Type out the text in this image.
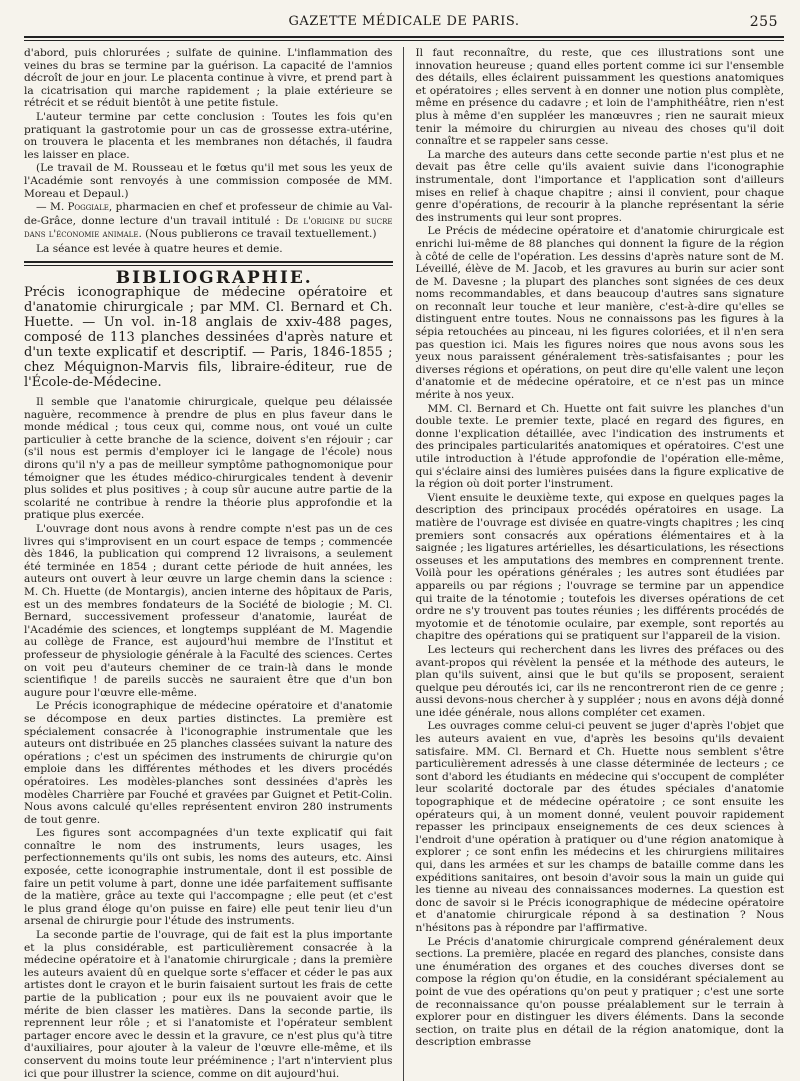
GAZETTE MÉDICALE DE PARIS.	255

d'abord, puis chlorurées ; sulfate de quinine. L'inflammation des veines du bras se termine par la guérison. La capacité de l'amnios décroît de jour en jour. Le placenta continue à vivre, et prend part à la cicatrisation qui marche rapidement ; la plaie extérieure se rétrécit et se réduit bientôt à une petite fistule.

L'auteur termine par cette conclusion : Toutes les fois qu'en pratiquant la gastrotomie pour un cas de grossesse extra-utérine, on trouvera le placenta et les membranes non détachés, il faudra les laisser en place.

(Le travail de M. Rousseau et le fœtus qu'il met sous les yeux de l'Académie sont renvoyés à une commission composée de MM. Moreau et Depaul.)

— M. Poggiale, pharmacien en chef et professeur de chimie au Val-de-Grâce, donne lecture d'un travail intitulé : De l'origine du sucre dans l'économie animale. (Nous publierons ce travail textuellement.)

La séance est levée à quatre heures et demie.

BIBLIOGRAPHIE.

Précis iconographique de médecine opératoire et d'anatomie chirurgicale ; par MM. Cl. Bernard et Ch. Huette. — Un vol. in-18 anglais de xxiv-488 pages, composé de 113 planches dessinées d'après nature et d'un texte explicatif et descriptif. — Paris, 1846-1855 ; chez Méquignon-Marvis fils, libraire-éditeur, rue de l'École-de-Médecine.

Il semble que l'anatomie chirurgicale, quelque peu délaissée naguère, recommence à prendre de plus en plus faveur dans le monde médical ; tous ceux qui, comme nous, ont voué un culte particulier à cette branche de la science, doivent s'en réjouir ; car (s'il nous est permis d'employer ici le langage de l'école) nous dirons qu'il n'y a pas de meilleur symptôme pathognomonique pour témoigner que les études médico-chirurgicales tendent à devenir plus solides et plus positives ; à coup sûr aucune autre partie de la scolarité ne contribue à rendre la théorie plus approfondie et la pratique plus exercée.

L'ouvrage dont nous avons à rendre compte n'est pas un de ces livres qui s'improvisent en un court espace de temps ; commencée dès 1846, la publication qui comprend 12 livraisons, a seulement été terminée en 1854 ; durant cette période de huit années, les auteurs ont ouvert à leur œuvre un large chemin dans la science : M. Ch. Huette (de Montargis), ancien interne des hôpitaux de Paris, est un des membres fondateurs de la Société de biologie ; M. Cl. Bernard, successivement professeur d'anatomie, lauréat de l'Académie des sciences, et longtemps suppléant de M. Magendie au collège de France, est aujourd'hui membre de l'Institut et professeur de physiologie générale à la Faculté des sciences. Certes on voit peu d'auteurs cheminer de ce train-là dans le monde scientifique ! de pareils succès ne sauraient être que d'un bon augure pour l'œuvre elle-même.

Le Précis iconographique de médecine opératoire et d'anatomie se décompose en deux parties distinctes. La première est spécialement consacrée à l'iconographie instrumentale que les auteurs ont distribuée en 25 planches classées suivant la nature des opérations ; c'est un spécimen des instruments de chirurgie qu'on emploie dans les différentes méthodes et les divers procédés opératoires. Les modèles-planches sont dessinées d'après les modèles Charrière par Fouché et gravées par Guignet et Petit-Colin. Nous avons calculé qu'elles représentent environ 280 instruments de tout genre.

Les figures sont accompagnées d'un texte explicatif qui fait connaître le nom des instruments, leurs usages, les perfectionnements qu'ils ont subis, les noms des auteurs, etc. Ainsi exposée, cette iconographie instrumentale, dont il est possible de faire un petit volume à part, donne une idée parfaitement suffisante de la matière, grâce au texte qui l'accompagne ; elle peut (et c'est le plus grand éloge qu'on puisse en faire) elle peut tenir lieu d'un arsenal de chirurgie pour l'étude des instruments.

La seconde partie de l'ouvrage, qui de fait est la plus importante et la plus considérable, est particulièrement consacrée à la médecine opératoire et à l'anatomie chirurgicale ; dans la première les auteurs avaient dû en quelque sorte s'effacer et céder le pas aux artistes dont le crayon et le burin faisaient surtout les frais de cette partie de la publication ; pour eux ils ne pouvaient avoir que le mérite de bien classer les matières. Dans la seconde partie, ils reprennent leur rôle ; et si l'anatomiste et l'opérateur semblent partager encore avec le dessin et la gravure, ce n'est plus qu'à titre d'auxiliaires, pour ajouter à la valeur de l'œuvre elle-même, et ils conservent du moins toute leur prééminence ; l'art n'intervient plus ici que pour illustrer la science, comme on dit aujourd'hui.

Il faut reconnaître, du reste, que ces illustrations sont une innovation heureuse ; quand elles portent comme ici sur l'ensemble des détails, elles éclairent puissamment les questions anatomiques et opératoires ; elles servent à en donner une notion plus complète, même en présence du cadavre ; et loin de l'amphithéâtre, rien n'est plus à même d'en suppléer les manœuvres ; rien ne saurait mieux tenir la mémoire du chirurgien au niveau des choses qu'il doit connaître et se rappeler sans cesse.

La marche des auteurs dans cette seconde partie n'est plus et ne devait pas être celle qu'ils avaient suivie dans l'iconographie instrumentale, dont l'importance et l'application sont d'ailleurs mises en relief à chaque chapitre ; ainsi il convient, pour chaque genre d'opérations, de recourir à la planche représentant la série des instruments qui leur sont propres.

Le Précis de médecine opératoire et d'anatomie chirurgicale est enrichi lui-même de 88 planches qui donnent la figure de la région à côté de celle de l'opération. Les dessins d'après nature sont de M. Léveillé, élève de M. Jacob, et les gravures au burin sur acier sont de M. Davesne ; la plupart des planches sont signées de ces deux noms recommandables, et dans beaucoup d'autres sans signature on reconnaît leur touche et leur manière, c'est-à-dire qu'elles se distinguent entre toutes. Nous ne connaissons pas les figures à la sépia retouchées au pinceau, ni les figures coloriées, et il n'en sera pas question ici. Mais les figures noires que nous avons sous les yeux nous paraissent généralement très-satisfaisantes ; pour les diverses régions et opérations, on peut dire qu'elle valent une leçon d'anatomie et de médecine opératoire, et ce n'est pas un mince mérite à nos yeux.

MM. Cl. Bernard et Ch. Huette ont fait suivre les planches d'un double texte. Le premier texte, placé en regard des figures, en donne l'explication détaillée, avec l'indication des instruments et des principales particularités anatomiques et opératoires. C'est une utile introduction à l'étude approfondie de l'opération elle-même, qui s'éclaire ainsi des lumières puisées dans la figure explicative de la région où doit porter l'instrument.

Vient ensuite le deuxième texte, qui expose en quelques pages la description des principaux procédés opératoires en usage. La matière de l'ouvrage est divisée en quatre-vingts chapitres ; les cinq premiers sont consacrés aux opérations élémentaires et à la saignée ; les ligatures artérielles, les désarticulations, les résections osseuses et les amputations des membres en comprennent trente. Voilà pour les opérations générales ; les autres sont étudiées par appareils ou par régions ; l'ouvrage se termine par un appendice qui traite de la ténotomie ; toutefois les diverses opérations de cet ordre ne s'y trouvent pas toutes réunies ; les différents procédés de myotomie et de ténotomie oculaire, par exemple, sont reportés au chapitre des opérations qui se pratiquent sur l'appareil de la vision.

Les lecteurs qui recherchent dans les livres des préfaces ou des avant-propos qui révèlent la pensée et la méthode des auteurs, le plan qu'ils suivent, ainsi que le but qu'ils se proposent, seraient quelque peu déroutés ici, car ils ne rencontreront rien de ce genre ; aussi devons-nous chercher à y suppléer ; nous en avons déjà donné une idée générale, nous allons compléter cet examen.

Les ouvrages comme celui-ci peuvent se juger d'après l'objet que les auteurs avaient en vue, d'après les besoins qu'ils devaient satisfaire. MM. Cl. Bernard et Ch. Huette nous semblent s'être particulièrement adressés à une classe déterminée de lecteurs ; ce sont d'abord les étudiants en médecine qui s'occupent de compléter leur scolarité doctorale par des études spéciales d'anatomie topographique et de médecine opératoire ; ce sont ensuite les opérateurs qui, à un moment donné, veulent pouvoir rapidement repasser les principaux enseignements de ces deux sciences à l'endroit d'une opération à pratiquer ou d'une région anatomique à explorer ; ce sont enfin les médecins et les chirurgiens militaires qui, dans les armées et sur les champs de bataille comme dans les expéditions sanitaires, ont besoin d'avoir sous la main un guide qui les tienne au niveau des connaissances modernes. La question est donc de savoir si le Précis iconographique de médecine opératoire et d'anatomie chirurgicale répond à sa destination ? Nous n'hésitons pas à répondre par l'affirmative.

Le Précis d'anatomie chirurgicale comprend généralement deux sections. La première, placée en regard des planches, consiste dans une énumération des organes et des couches diverses dont se compose la région qu'on étudie, en la considérant spécialement au point de vue des opérations qu'on peut y pratiquer ; c'est une sorte de reconnaissance qu'on pousse préalablement sur le terrain à explorer pour en distinguer les divers éléments. Dans la seconde section, on traite plus en détail de la région anatomique, dont la description embrasse
